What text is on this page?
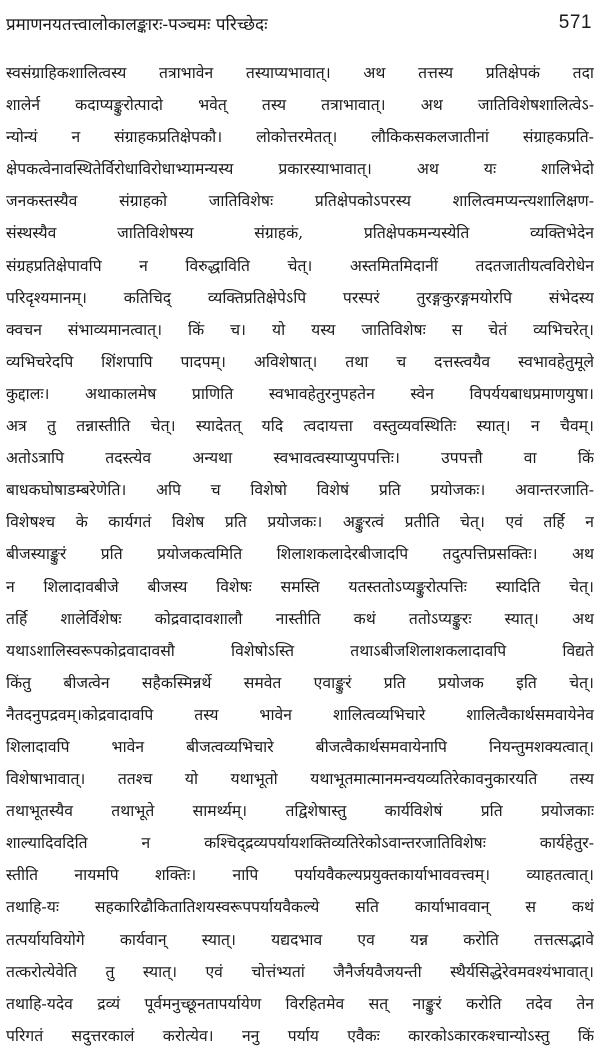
प्रमाणनयतत्त्वालोकालङ्कारः-पञ्चमः परिच्छेदः	571
स्वसंग्राहिकशालित्वस्य तत्राभावेन तस्याप्यभावात्। अथ तत्तस्य प्रतिक्षेपकं तदा
शालेर्न कदाप्यङ्कुरोत्पादो भवेत् तस्य तत्राभावात्। अथ जातिविशेषशालित्वेऽ-
न्योन्यं न संग्राहकप्रतिक्षेपकौ। लोकोत्तरमेतत्। लौकिकसकलजातीनां संग्राहकप्रति-
क्षेपकत्वेनावस्थितेर्विरोधाविरोधाभ्यामन्यस्य प्रकारस्याभावात्। अथ यः शालिभेदो
जनकस्तस्यैव संग्राहको जातिविशेषः प्रतिक्षेपकोऽपरस्य शालित्वमप्यन्त्यशालिक्षण-
संस्थस्यैव जातिविशेषस्य संग्राहकं, प्रतिक्षेपकमन्यस्येति व्यक्तिभेदेन
संग्रहप्रतिक्षेपावपि न विरुद्धाविति चेत्। अस्तमितमिदानीं तदतजातीयत्वविरोधेन
परिदृश्यमानम्। कतिचिद् व्यक्तिप्रतिक्षेपेऽपि परस्परं तुरङ्गकुरङ्गमयोरपि संभेदस्य
क्वचन संभाव्यमानत्वात्। किं च। यो यस्य जातिविशेषः स चेतं व्यभिचरेत्।
व्यभिचरेदपि शिंशपापि पादपम्। अविशेषात्। तथा च दत्तस्त्वयैव स्वभावहेतुमूले
कुद्दालः। अथाकालमेष प्राणिति स्वभावहेतुरनुपहतेन स्वेन विपर्ययबाधप्रमाणयुषा।
अत्र तु तन्नास्तीति चेत्। स्यादेतत् यदि त्वदायत्ता वस्तुव्यवस्थितिः स्यात्। न चैवम्।
अतोऽत्रापि तदस्त्येव अन्यथा स्वभावत्वस्याप्युपपत्तिः। उपपत्तौ वा किं
बाधकघोषाडम्बरेणेति। अपि च विशेषो विशेषं प्रति प्रयोजकः। अवान्तरजाति-
विशेषश्च के कार्यगतं विशेष प्रति प्रयोजकः। अङ्कुरत्वं प्रतीति चेत्। एवं तर्हि न
बीजस्याङ्कुरं प्रति प्रयोजकत्वमिति शिलाशकलादेरबीजादपि तदुत्पत्तिप्रसक्तिः। अथ
न शिलादावबीजे बीजस्य विशेषः समस्ति यतस्ततोऽप्यङ्कुरोत्पत्तिः स्यादिति चेत्।
तर्हि शालेर्विशेषः कोद्रवादावशालौ नास्तीति कथं ततोऽप्यङ्कुरः स्यात्। अथ
यथाऽशालिस्वरूपकोद्रवादावसौ विशेषोऽस्ति तथाऽबीजशिलाशकलादावपि विद्यते
किंतु बीजत्वेन सहैकस्मिन्नर्थे समवेत एवाङ्कुरं प्रति प्रयोजक इति चेत्।
नैतदनुपद्रवम्।कोद्रवादावपि तस्य भावेन शालित्वव्यभिचारे शालित्वैकार्थसमवायेनेव
शिलादावपि भावेन बीजत्वव्यभिचारे बीजत्वैकार्थसमवायेनापि नियन्तुमशक्यत्वात्।
विशेषाभावात्। ततश्च यो यथाभूतो यथाभूतमात्मानमन्वयव्यतिरेकावनुकारयति तस्य
तथाभूतस्यैव तथाभूते सामर्थ्यम्। तद्विशेषास्तु कार्यविशेषं प्रति प्रयोजकाः
शाल्यादिवदिति न कश्चिद्द्रव्यपर्यायशक्तिव्यतिरेकोऽवान्तरजातिविशेषः कार्यहेतुर-
स्तीति नायमपि शक्तिः। नापि पर्यायवैकल्यप्रयुक्तकार्याभाववत्त्वम्। व्याहतत्वात्।
तथाहि-यः सहकारिढौकितातिशयस्वरूपपर्यायवैकल्ये सति कार्याभाववान् स कथं
तत्पर्यायवियोगे कार्यवान् स्यात्। यद्यदभाव एव यन्न करोति तत्तत्सद्भावे
तत्करोत्येवेति तु स्यात्। एवं चोत्तंभ्यतां जैनैर्जयवैजयन्ती स्थैर्यसिद्धेरेवमवश्यंभावात्।
तथाहि-यदेव द्रव्यं पूर्वमनुच्छूनतापर्यायेण विरहितमेव सत् नाङ्कुरं करोति तदेव तेन
परिगतं सदुत्तरकालं करोत्येव। ननु पर्याय एवैकः कारकोऽकारकश्चान्योऽस्तु किं
